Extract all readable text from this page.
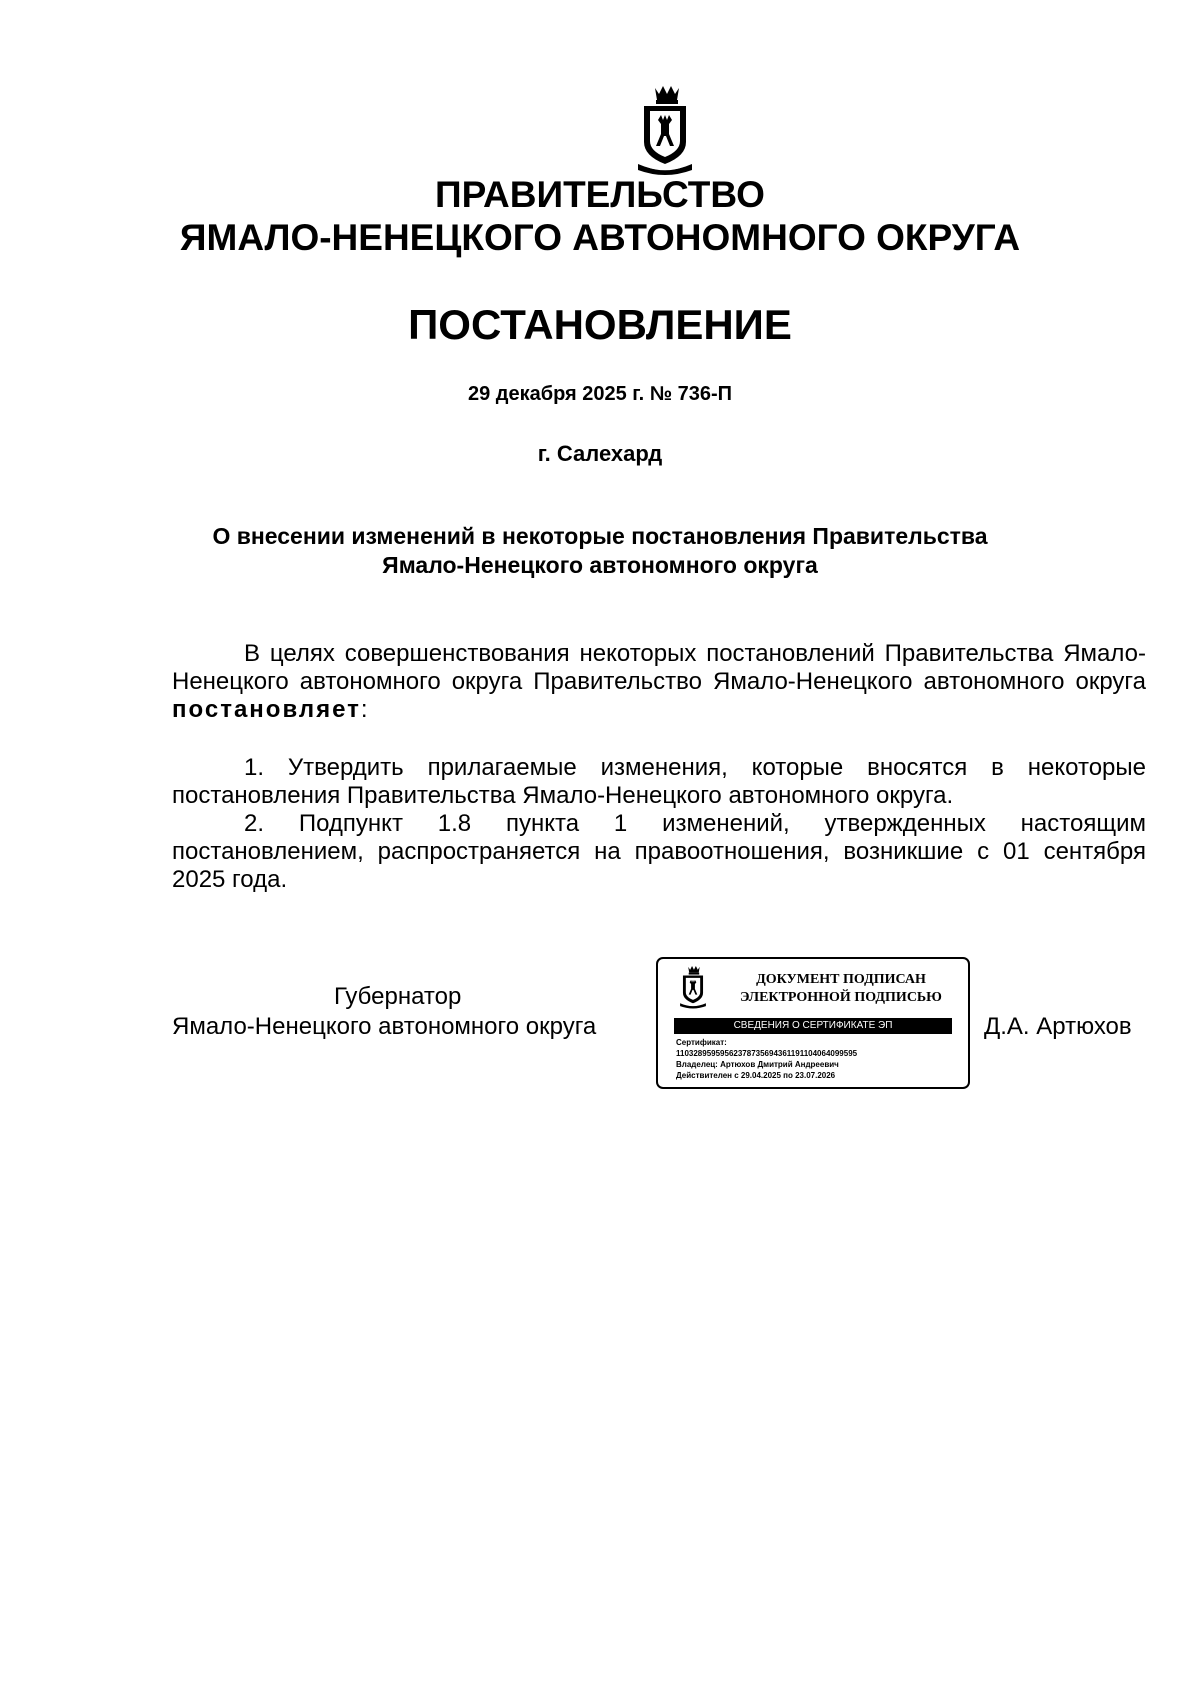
ПРАВИТЕЛЬСТВО
ЯМАЛО-НЕНЕЦКОГО АВТОНОМНОГО ОКРУГА
ПОСТАНОВЛЕНИЕ
29 декабря 2025 г. № 736-П
г. Салехард
О внесении изменений в некоторые постановления Правительства
Ямало-Ненецкого автономного округа

В целях совершенствования некоторых постановлений Правительства Ямало-Ненецкого автономного округа Правительство Ямало-Ненецкого автономного округа постановляет:

1. Утвердить прилагаемые изменения, которые вносятся в некоторые постановления Правительства Ямало-Ненецкого автономного округа.

2. Подпункт 1.8 пункта 1 изменений, утвержденных настоящим постановлением, распространяется на правоотношения, возникшие с 01 сентября 2025 года.

Губернатор
Ямало-Ненецкого автономного округа
ДОКУМЕНТ ПОДПИСАН
ЭЛЕКТРОННОЙ ПОДПИСЬЮ
СВЕДЕНИЯ О СЕРТИФИКАТЕ ЭП
Сертификат:
11032895959562378735694361191104064099595
Владелец: Артюхов Дмитрий Андреевич
Действителен с 29.04.2025 по 23.07.2026
Д.А. Артюхов
